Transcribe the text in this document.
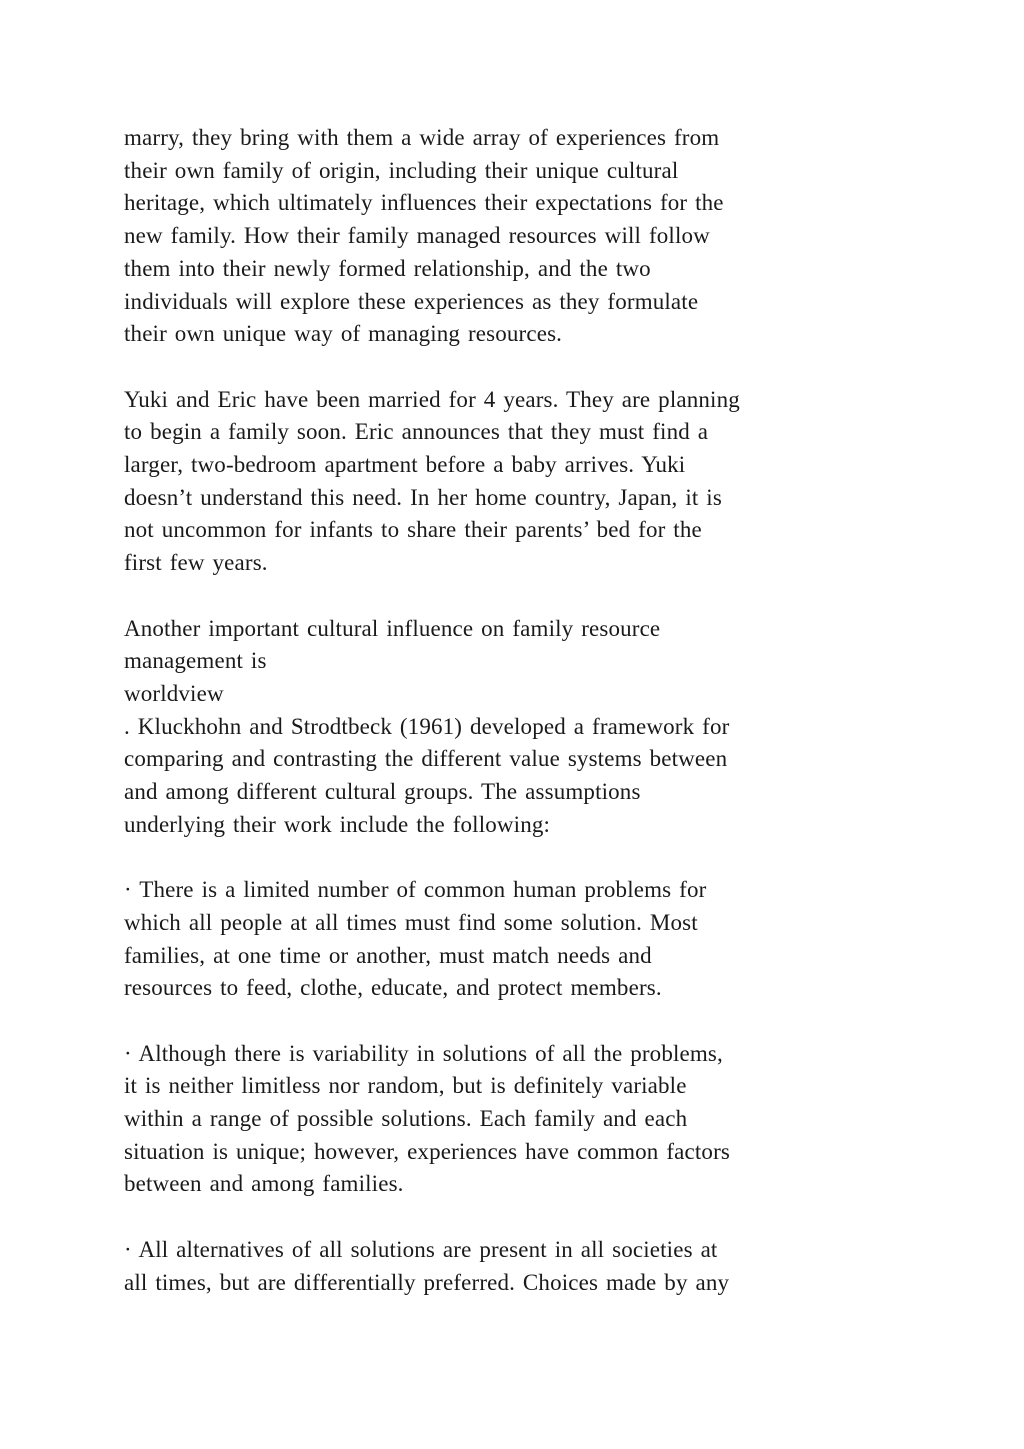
marry, they bring with them a wide array of experiences from
their own family of origin, including their unique cultural
heritage, which ultimately influences their expectations for the
new family. How their family managed resources will follow
them into their newly formed relationship, and the two
individuals will explore these experiences as they formulate
their own unique way of managing resources.

Yuki and Eric have been married for 4 years. They are planning
to begin a family soon. Eric announces that they must find a
larger, two-bedroom apartment before a baby arrives. Yuki
doesn’t understand this need. In her home country, Japan, it is
not uncommon for infants to share their parents’ bed for the
first few years.

Another important cultural influence on family resource
management is
worldview
. Kluckhohn and Strodtbeck (1961) developed a framework for
comparing and contrasting the different value systems between
and among different cultural groups. The assumptions
underlying their work include the following:

· There is a limited number of common human problems for
which all people at all times must find some solution. Most
families, at one time or another, must match needs and
resources to feed, clothe, educate, and protect members.

· Although there is variability in solutions of all the problems,
it is neither limitless nor random, but is definitely variable
within a range of possible solutions. Each family and each
situation is unique; however, experiences have common factors
between and among families.

· All alternatives of all solutions are present in all societies at
all times, but are differentially preferred. Choices made by any
